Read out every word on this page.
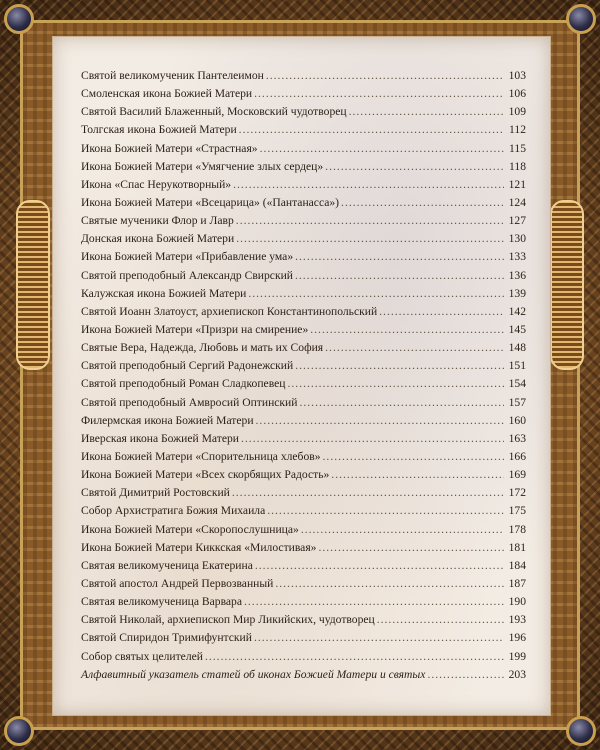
Святой великомученик Пантелеимон .....	103
Смоленская икона Божией Матери .....	106
Святой Василий Блаженный, Московский чудотворец .....	109
Толгская икона Божией Матери .....	112
Икона Божией Матери «Страстная» .....	115
Икона Божией Матери «Умягчение злых сердец» .....	118
Икона «Спас Нерукотворный» .....	121
Икона Божией Матери «Всецарица» («Пантанасса») .....	124
Святые мученики Флор и Лавр .....	127
Донская икона Божией Матери .....	130
Икона Божией Матери «Прибавление ума» .....	133
Святой преподобный Александр Свирский .....	136
Калужская икона Божией Матери .....	139
Святой Иоанн Златоуст, архиепископ Константинопольский .....	142
Икона Божией Матери «Призри на смирение» .....	145
Святые Вера, Надежда, Любовь и мать их София .....	148
Святой преподобный Сергий Радонежский .....	151
Святой преподобный Роман Сладкопевец .....	154
Святой преподобный Амвросий Оптинский .....	157
Филермская икона Божией Матери .....	160
Иверская икона Божией Матери .....	163
Икона Божией Матери «Спорительница хлебов» .....	166
Икона Божией Матери «Всех скорбящих Радость» .....	169
Святой Димитрий Ростовский .....	172
Собор Архистратига Божия Михаила .....	175
Икона Божией Матери «Скоропослушница» .....	178
Икона Божией Матери Киккская «Милостивая» .....	181
Святая великомученица Екатерина .....	184
Святой апостол Андрей Первозванный .....	187
Святая великомученица Варвара .....	190
Святой Николай, архиепископ Мир Ликийских, чудотворец .....	193
Святой Спиридон Тримифунтский .....	196
Собор святых целителей .....	199
Алфавитный указатель статей об иконах Божией Матери и святых .....	203
